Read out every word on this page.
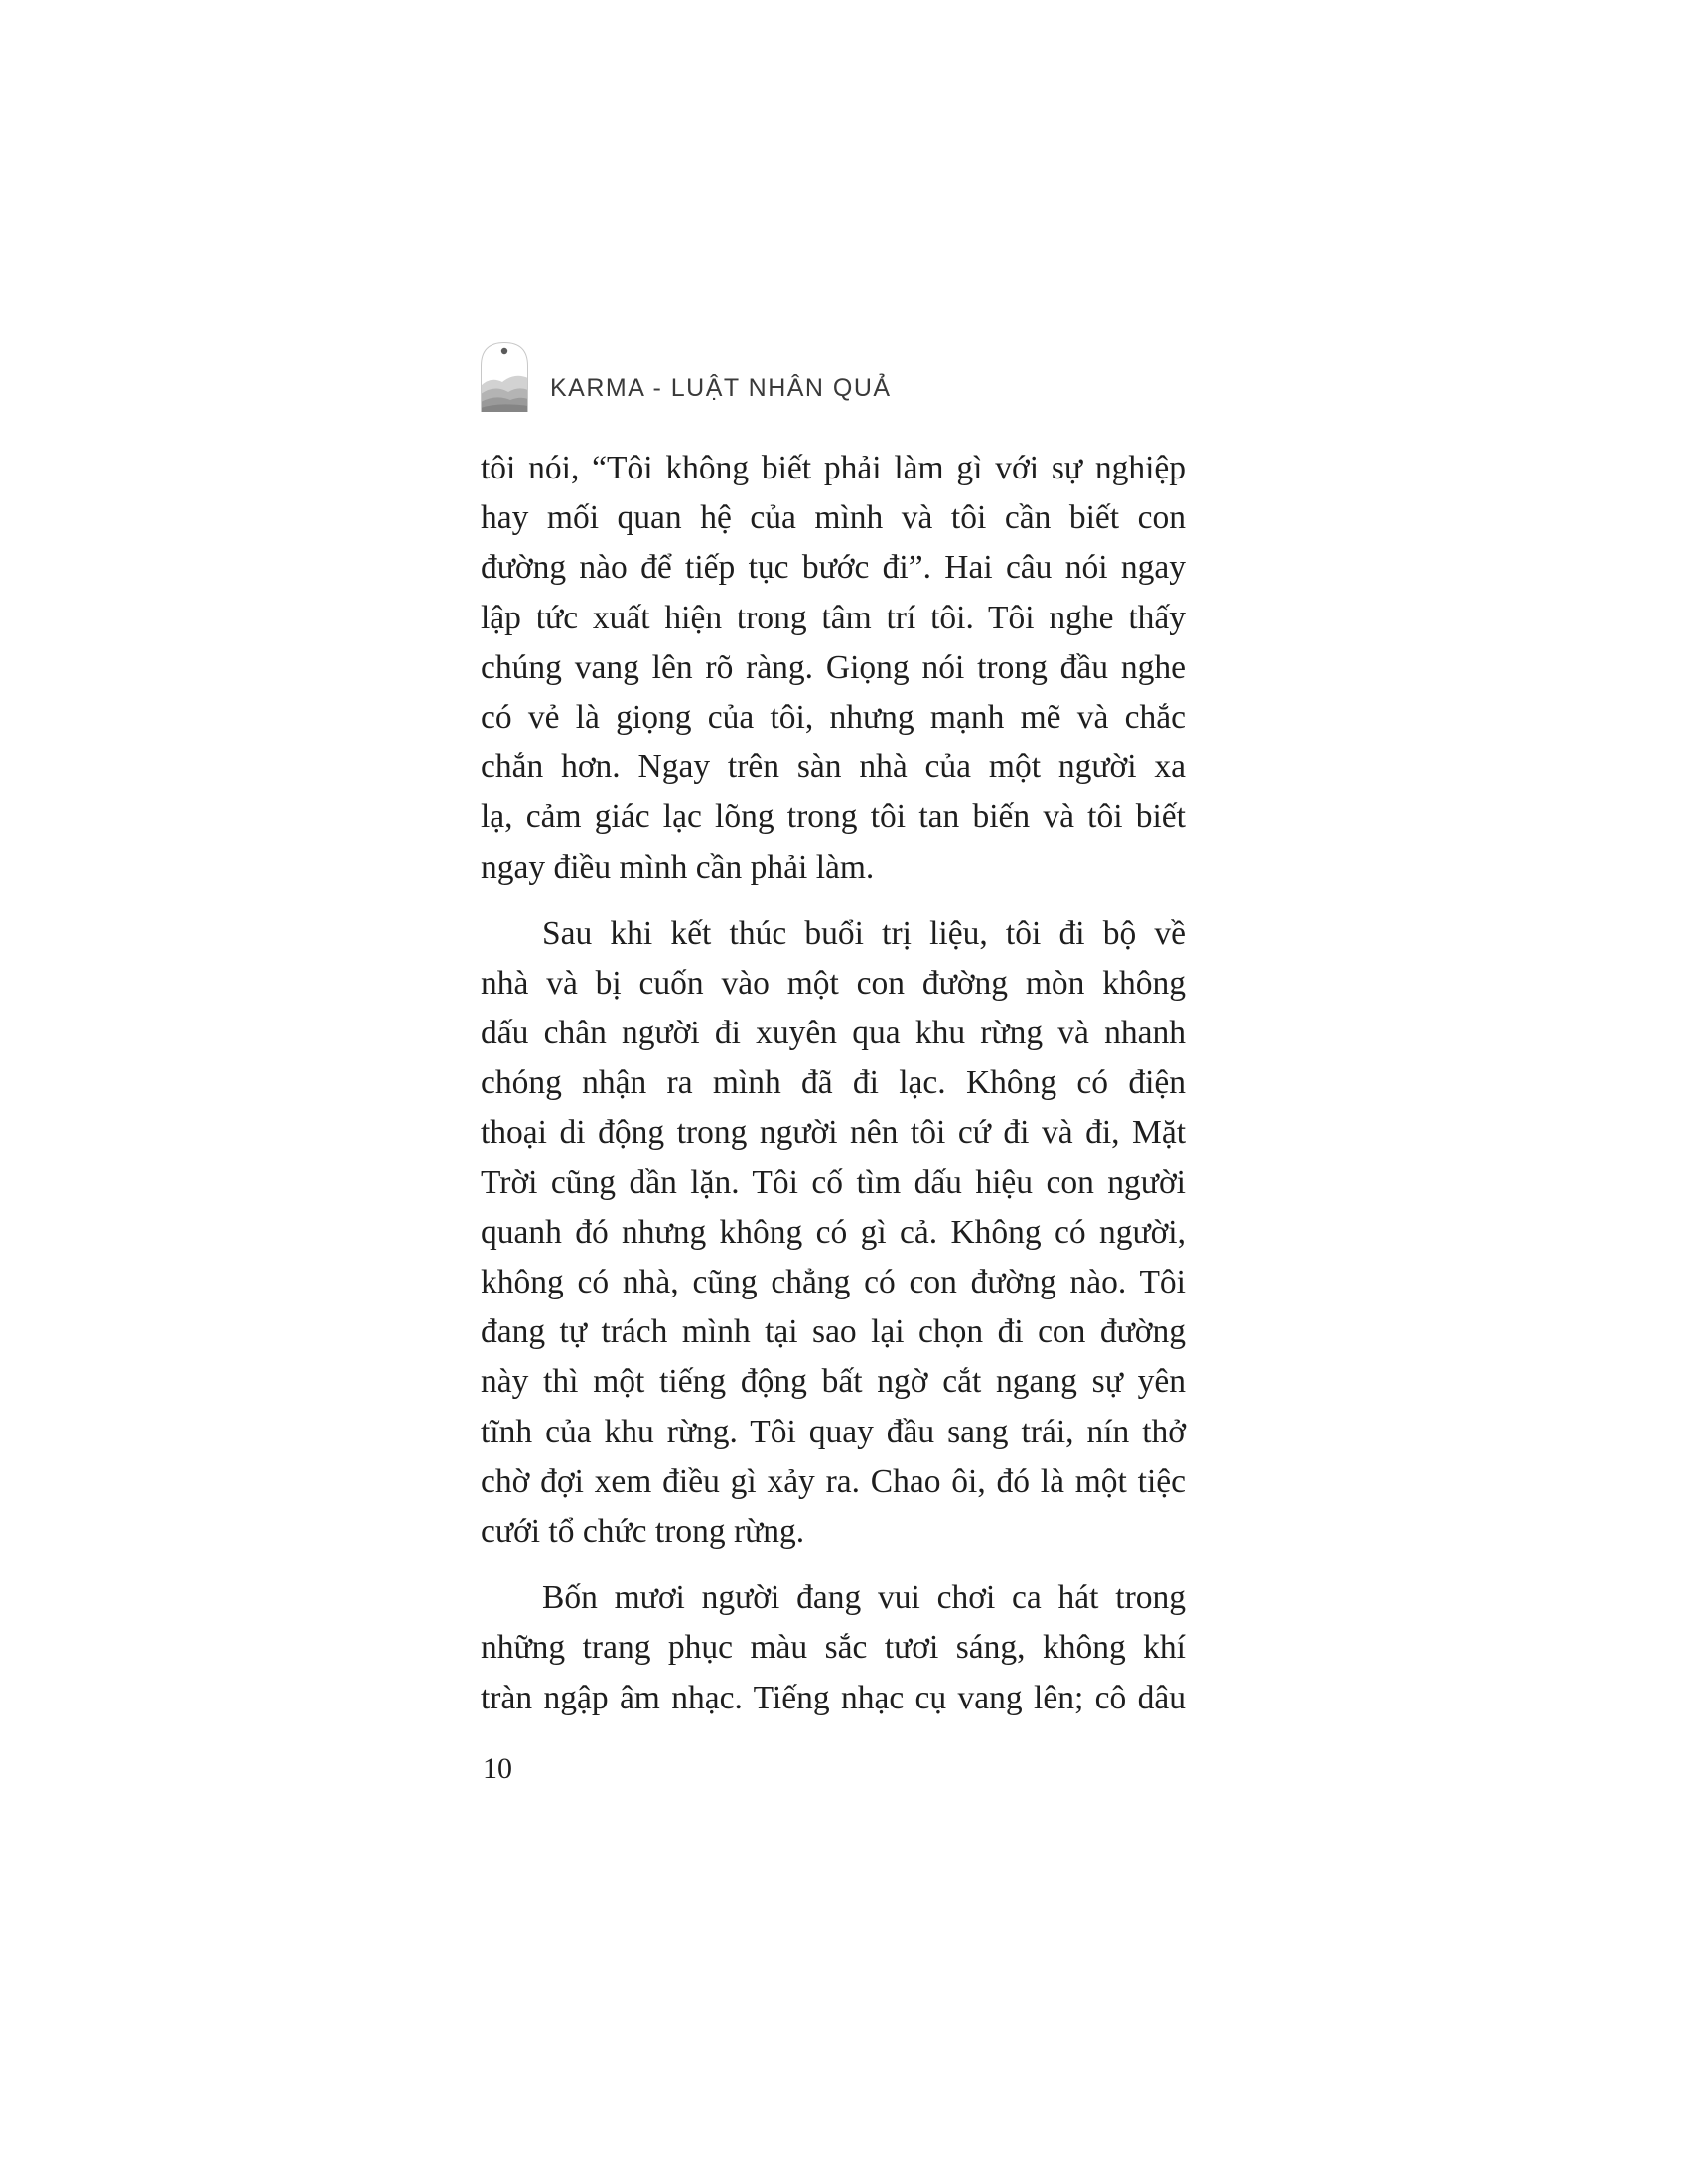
KARMA - LUẬT NHÂN QUẢ
tôi nói, “Tôi không biết phải làm gì với sự nghiệp
hay mối quan hệ của mình và tôi cần biết con
đường nào để tiếp tục bước đi”. Hai câu nói ngay
lập tức xuất hiện trong tâm trí tôi. Tôi nghe thấy
chúng vang lên rõ ràng. Giọng nói trong đầu nghe
có vẻ là giọng của tôi, nhưng mạnh mẽ và chắc
chắn hơn. Ngay trên sàn nhà của một người xa
lạ, cảm giác lạc lõng trong tôi tan biến và tôi biết
ngay điều mình cần phải làm.
Sau khi kết thúc buổi trị liệu, tôi đi bộ về
nhà và bị cuốn vào một con đường mòn không
dấu chân người đi xuyên qua khu rừng và nhanh
chóng nhận ra mình đã đi lạc. Không có điện
thoại di động trong người nên tôi cứ đi và đi, Mặt
Trời cũng dần lặn. Tôi cố tìm dấu hiệu con người
quanh đó nhưng không có gì cả. Không có người,
không có nhà, cũng chẳng có con đường nào. Tôi
đang tự trách mình tại sao lại chọn đi con đường
này thì một tiếng động bất ngờ cắt ngang sự yên
tĩnh của khu rừng. Tôi quay đầu sang trái, nín thở
chờ đợi xem điều gì xảy ra. Chao ôi, đó là một tiệc
cưới tổ chức trong rừng.
Bốn mươi người đang vui chơi ca hát trong
những trang phục màu sắc tươi sáng, không khí
tràn ngập âm nhạc. Tiếng nhạc cụ vang lên; cô dâu
10
